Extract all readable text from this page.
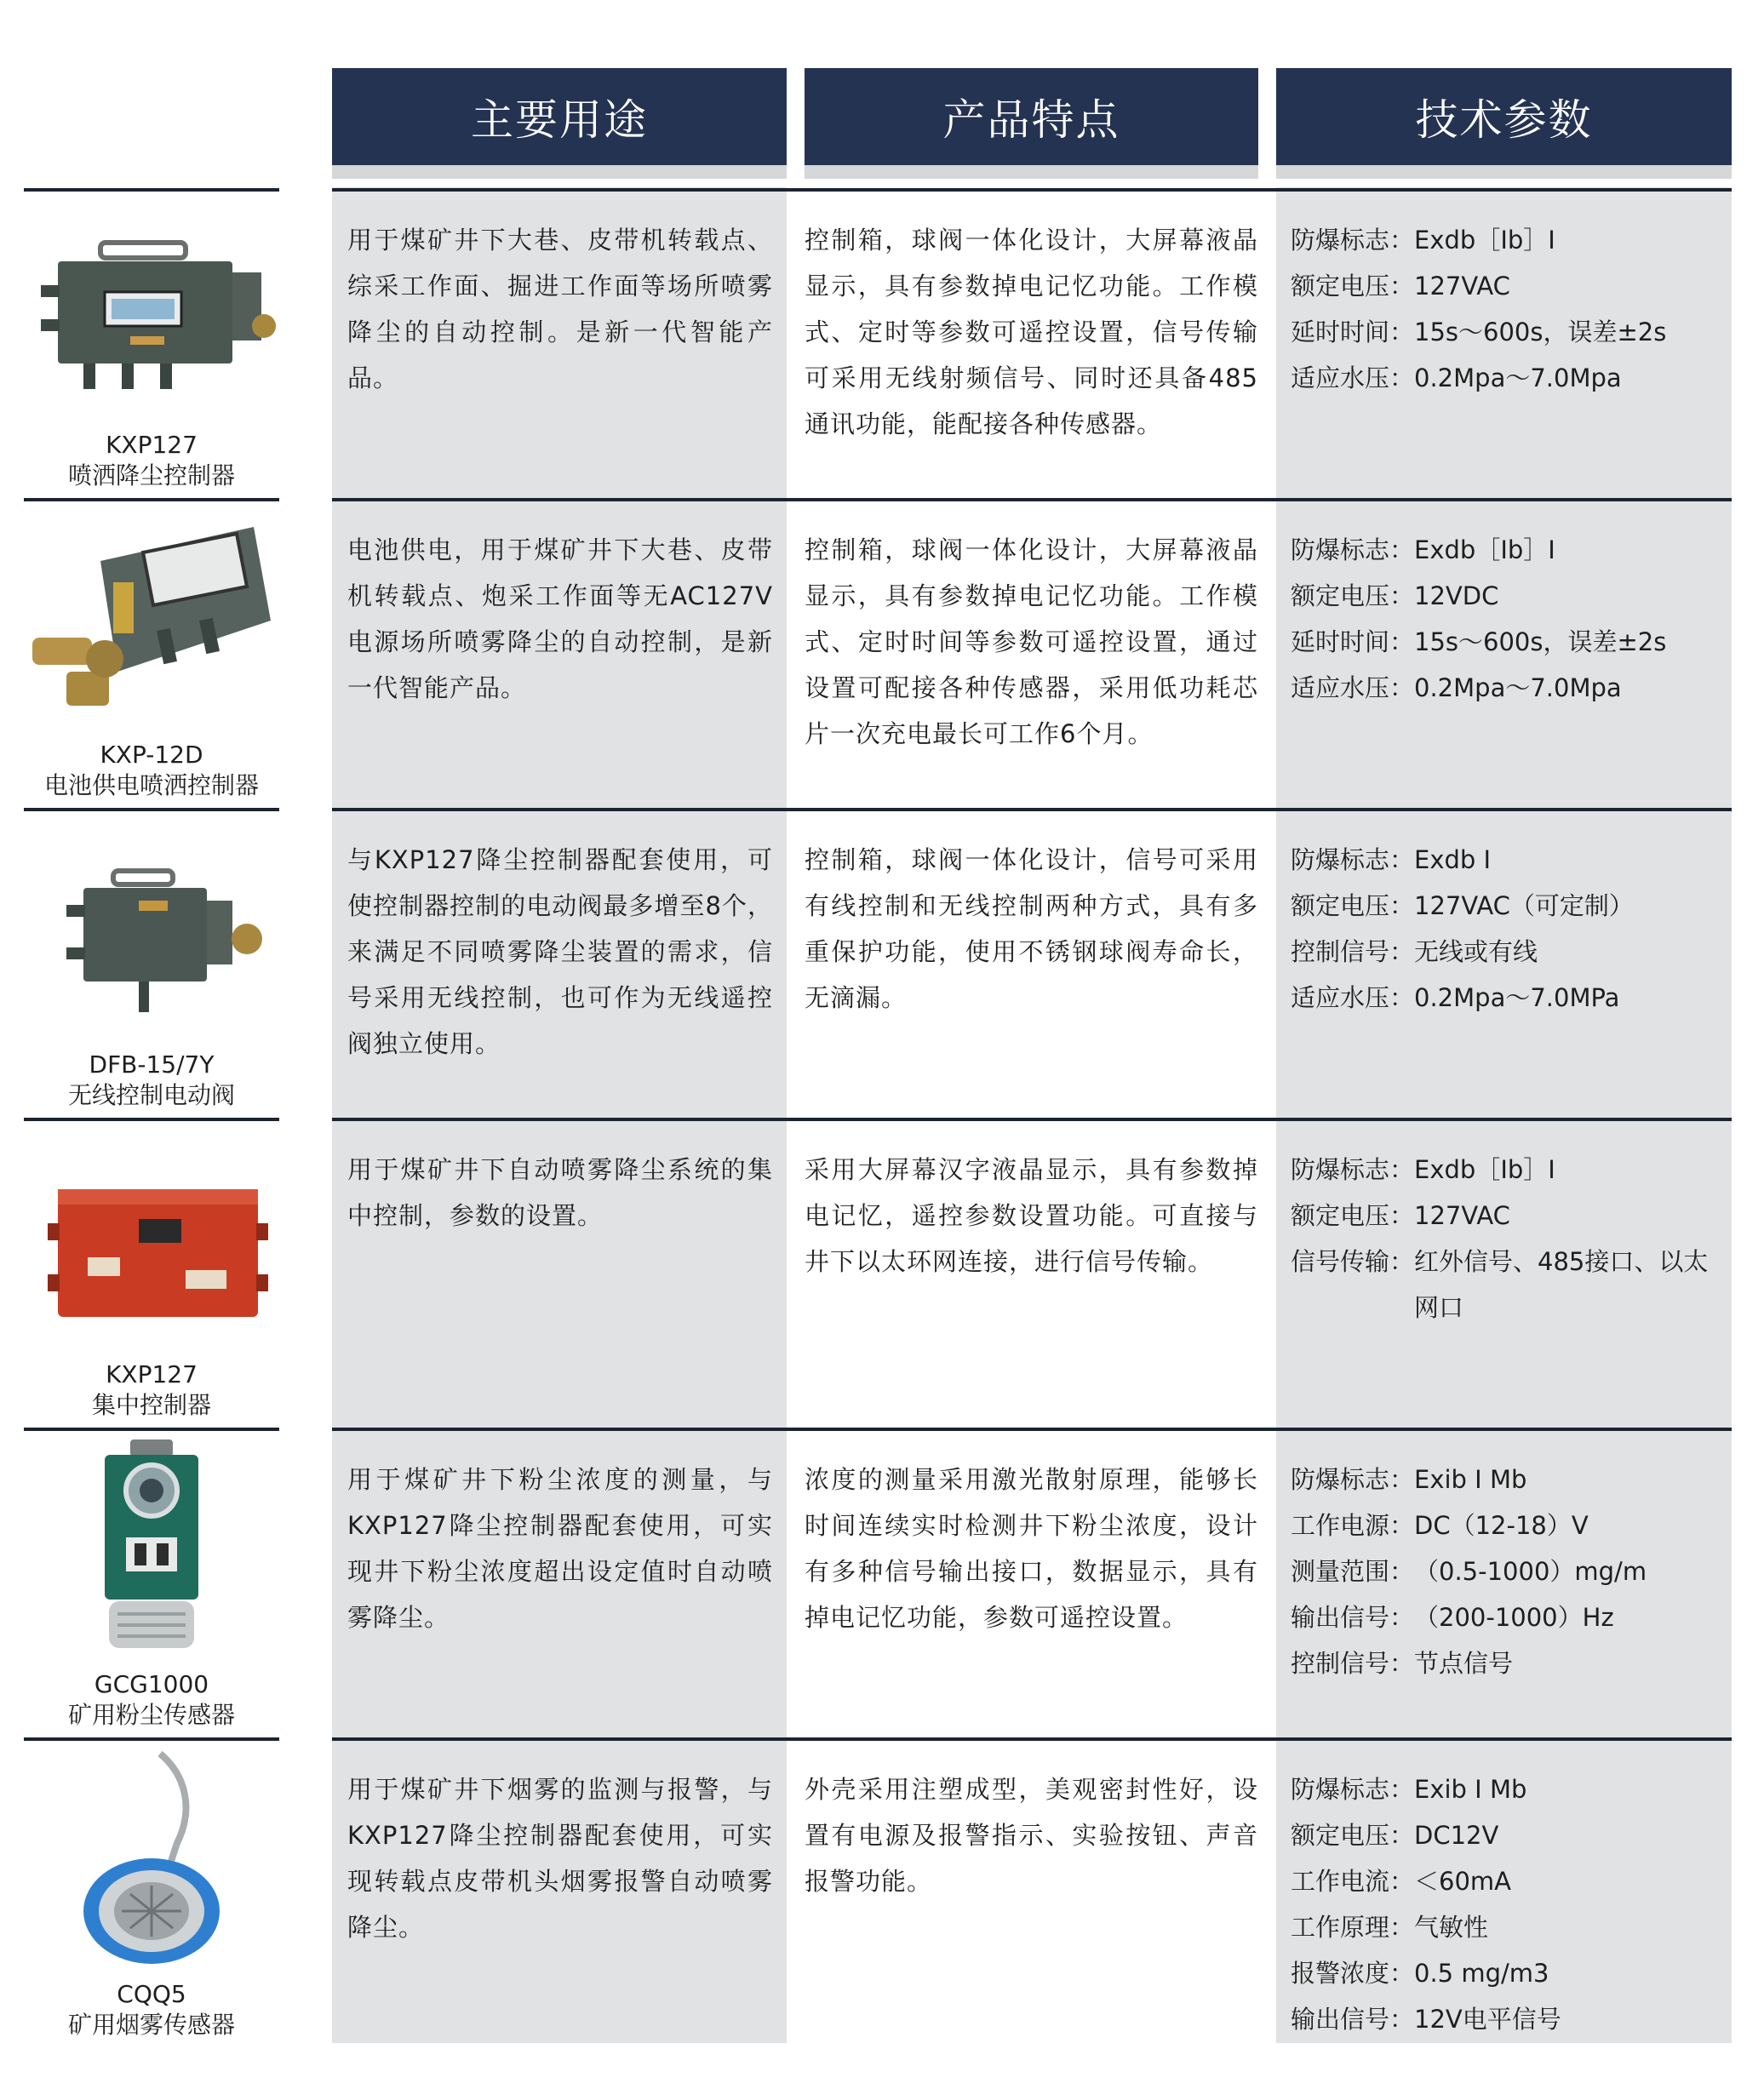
主要用途	产品特点	技术参数
KXP127
喷洒降尘控制器
用于煤矿井下大巷、皮带机转载点、综采工作面、掘进工作面等场所喷雾降尘的自动控制。是新一代智能产品。
控制箱，球阀一体化设计，大屏幕液晶显示，具有参数掉电记忆功能。工作模式、定时等参数可遥控设置，信号传输可采用无线射频信号、同时还具备485通讯功能，能配接各种传感器。
防爆标志： Exdb［Ib］I
额定电压： 127VAC
延时时间： 15s～600s，误差±2s
适应水压： 0.2Mpa～7.0Mpa
KXP-12D
电池供电喷洒控制器
电池供电，用于煤矿井下大巷、皮带机转载点、炮采工作面等无AC127V电源场所喷雾降尘的自动控制，是新一代智能产品。
控制箱，球阀一体化设计，大屏幕液晶显示，具有参数掉电记忆功能。工作模式、定时时间等参数可遥控设置，通过设置可配接各种传感器，采用低功耗芯片一次充电最长可工作6个月。
防爆标志： Exdb［Ib］I
额定电压： 12VDC
延时时间： 15s～600s，误差±2s
适应水压： 0.2Mpa～7.0Mpa
DFB-15/7Y
无线控制电动阀
与KXP127降尘控制器配套使用，可使控制器控制的电动阀最多增至8个，来满足不同喷雾降尘装置的需求，信号采用无线控制，也可作为无线遥控阀独立使用。
控制箱，球阀一体化设计，信号可采用有线控制和无线控制两种方式，具有多重保护功能，使用不锈钢球阀寿命长，无滴漏。
防爆标志： Exdb I
额定电压： 127VAC（可定制）
控制信号： 无线或有线
适应水压： 0.2Mpa～7.0MPa
KXP127
集中控制器
用于煤矿井下自动喷雾降尘系统的集中控制，参数的设置。
采用大屏幕汉字液晶显示，具有参数掉电记忆，遥控参数设置功能。可直接与井下以太环网连接，进行信号传输。
防爆标志： Exdb［Ib］I
额定电压： 127VAC
信号传输： 红外信号、485接口、以太网口
GCG1000
矿用粉尘传感器
用于煤矿井下粉尘浓度的测量，与KXP127降尘控制器配套使用，可实现井下粉尘浓度超出设定值时自动喷雾降尘。
浓度的测量采用激光散射原理，能够长时间连续实时检测井下粉尘浓度，设计有多种信号输出接口，数据显示，具有掉电记忆功能，参数可遥控设置。
防爆标志： Exib I Mb
工作电源： DC（12-18）V
测量范围： （0.5-1000）mg/m
输出信号： （200-1000）Hz
控制信号： 节点信号
CQQ5
矿用烟雾传感器
用于煤矿井下烟雾的监测与报警，与KXP127降尘控制器配套使用，可实现转载点皮带机头烟雾报警自动喷雾降尘。
外壳采用注塑成型，美观密封性好，设置有电源及报警指示、实验按钮、声音报警功能。
防爆标志： Exib I Mb
额定电压： DC12V
工作电流： ＜60mA
工作原理： 气敏性
报警浓度： 0.5 mg/m3
输出信号： 12V电平信号
